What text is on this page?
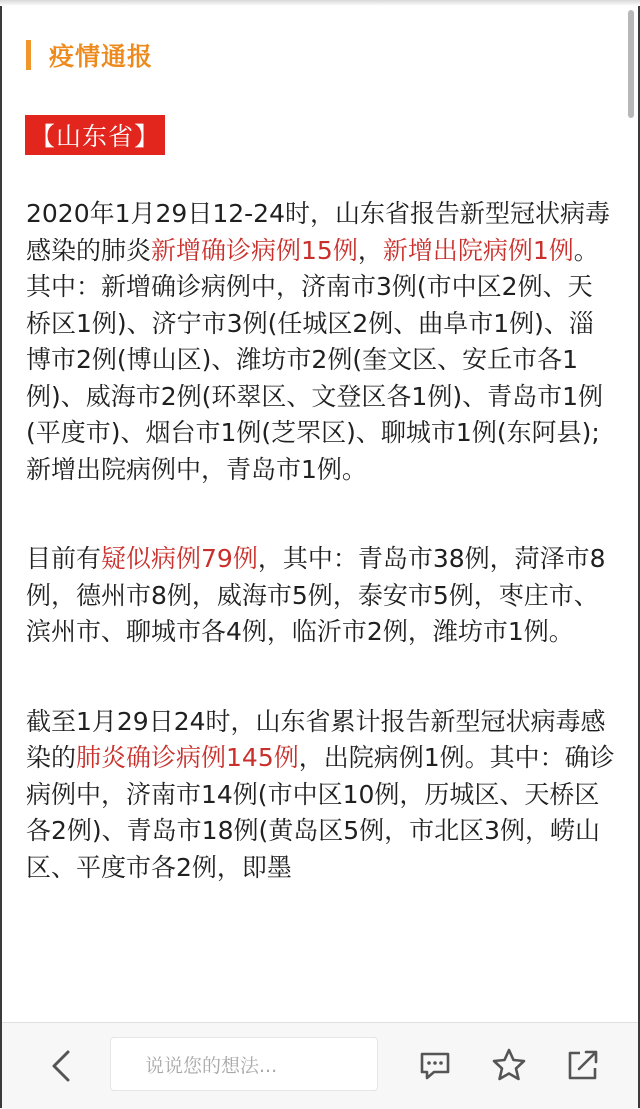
疫情通报
【山东省】

2020年1月29日12-24时，山东省报告新型冠状病毒感染的肺炎新增确诊病例15例，新增出院病例1例。其中：新增确诊病例中，济南市3例(市中区2例、天桥区1例)、济宁市3例(任城区2例、曲阜市1例)、淄博市2例(博山区)、潍坊市2例(奎文区、安丘市各1例)、威海市2例(环翠区、文登区各1例)、青岛市1例(平度市)、烟台市1例(芝罘区)、聊城市1例(东阿县);新增出院病例中，青岛市1例。

目前有疑似病例79例，其中：青岛市38例，菏泽市8例，德州市8例，威海市5例，泰安市5例，枣庄市、滨州市、聊城市各4例，临沂市2例，潍坊市1例。

截至1月29日24时，山东省累计报告新型冠状病毒感染的肺炎确诊病例145例，出院病例1例。其中：确诊病例中，济南市14例(市中区10例，历城区、天桥区各2例)、青岛市18例(黄岛区5例，市北区3例，崂山区、平度市各2例，即墨

说说您的想法...
